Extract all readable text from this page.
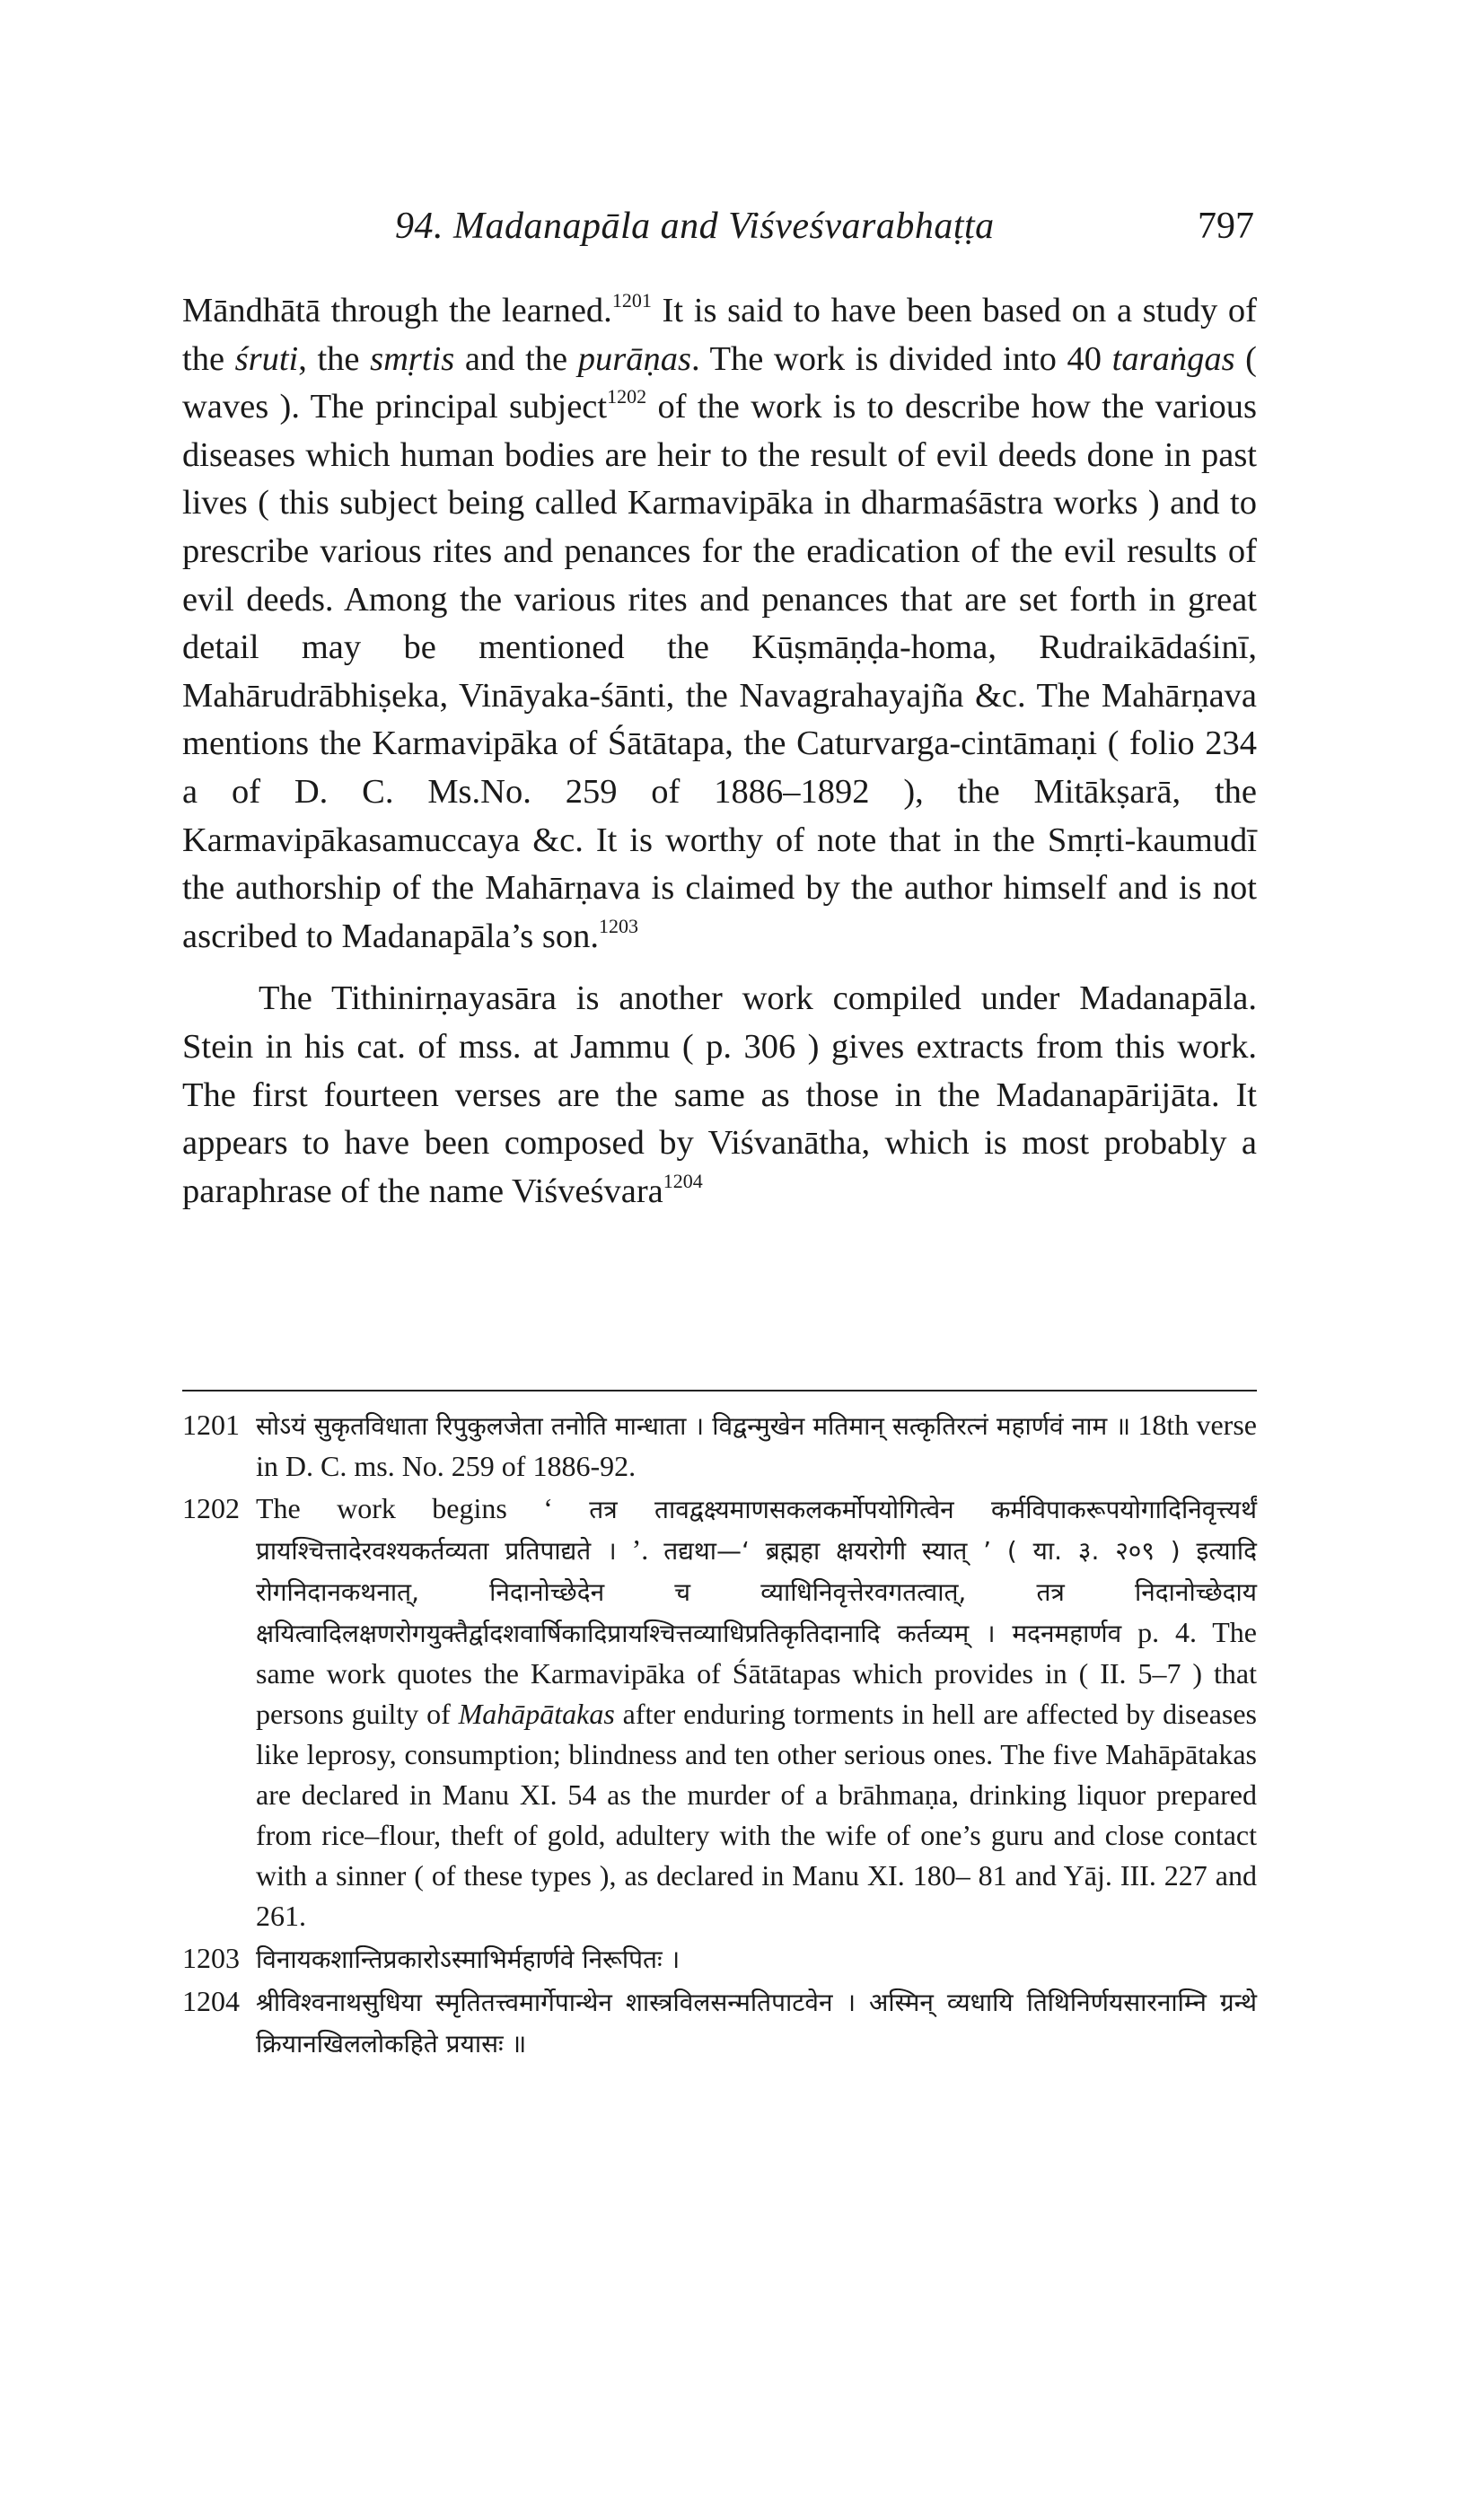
94. Madanapāla and Viśveśvarabhaṭṭa	797

Māndhātā through the learned.$^{1201}$ It is said to have been based on a study of the śruti, the smṛtis and the purāṇas. The work is divided into 40 taraṅgas ( waves ). The principal subject$^{1202}$ of the work is to describe how the various diseases which human bodies are heir to the result of evil deeds done in past lives ( this subject being called Karmavipāka in dharmaśāstra works ) and to prescribe various rites and penances for the eradication of the evil results of evil deeds. Among the various rites and penances that are set forth in great detail may be mentioned the Kūṣmāṇḍa-homa, Rudraikādaśinī, Mahārudrābhiṣeka, Vināyaka-śānti, the Navagrahayajña &c. The Mahārṇava mentions the Karmavipāka of Śātātapa, the Caturvarga-cintāmaṇi ( folio 234 a of D. C. Ms.No. 259 of 1886–1892 ), the Mitākṣarā, the Karmavipākasamuccaya &c. It is worthy of note that in the Smṛti-kaumudī the authorship of the Mahārṇava is claimed by the author himself and is not ascribed to Madanapāla’s son.$^{1203}$

The Tithinirṇayasāra is another work compiled under Madanapāla. Stein in his cat. of mss. at Jammu ( p. 306 ) gives extracts from this work. The first fourteen verses are the same as those in the Madanapārijāta. It appears to have been composed by Viśvanātha, which is most probably a paraphrase of the name Viśveśvara$^{1204}$

1201 सोऽयं सुकृतविधाता रिपुकुलजेता तनोति मान्धाता । विद्वन्मुखेन मतिमान् सत्कृतिरत्नं महार्णवं नाम ॥ 18th verse in D. C. ms. No. 259 of 1886-92.
1202 The work begins ‘ तत्र तावद्वक्ष्यमाणसकलकर्मोपयोगित्वेन कर्मविपाकरूपयोगादिनिवृत्त्यर्थं प्रायश्चित्तादेरवश्यकर्तव्यता प्रतिपाद्यते । ’. तद्यथा—‘ ब्रह्महा क्षयरोगी स्यात् ’ ( या. ३. २०९ ) इत्यादि रोगनिदानकथनात्, निदानोच्छेदेन च व्याधिनिवृत्तेरवगतत्वात्, तत्र निदानोच्छेदाय क्षयित्वादिलक्षणरोगयुक्तैर्द्वादशवार्षिकादिप्रायश्चित्तव्याधिप्रतिकृतिदानादि कर्तव्यम् । मदनमहार्णव p. 4. The same work quotes the Karmavipāka of Śātātapas which provides in ( II. 5–7 ) that persons guilty of Mahāpātakas after enduring torments in hell are affected by diseases like leprosy, consumption; blindness and ten other serious ones. The five Mahāpātakas are declared in Manu XI. 54 as the murder of a brāhmaṇa, drinking liquor prepared from rice–flour, theft of gold, adultery with the wife of one’s guru and close contact with a sinner ( of these types ), as declared in Manu XI. 180– 81 and Yāj. III. 227 and 261.
1203 विनायकशान्तिप्रकारोऽस्माभिर्महार्णवे निरूपितः ।
1204 श्रीविश्वनाथसुधिया स्मृतितत्त्वमार्गेपान्थेन शास्त्रविलसन्मतिपाटवेन । अस्मिन् व्यधायि तिथिनिर्णयसारनाम्नि ग्रन्थे क्रियानखिललोकहिते प्रयासः ॥
